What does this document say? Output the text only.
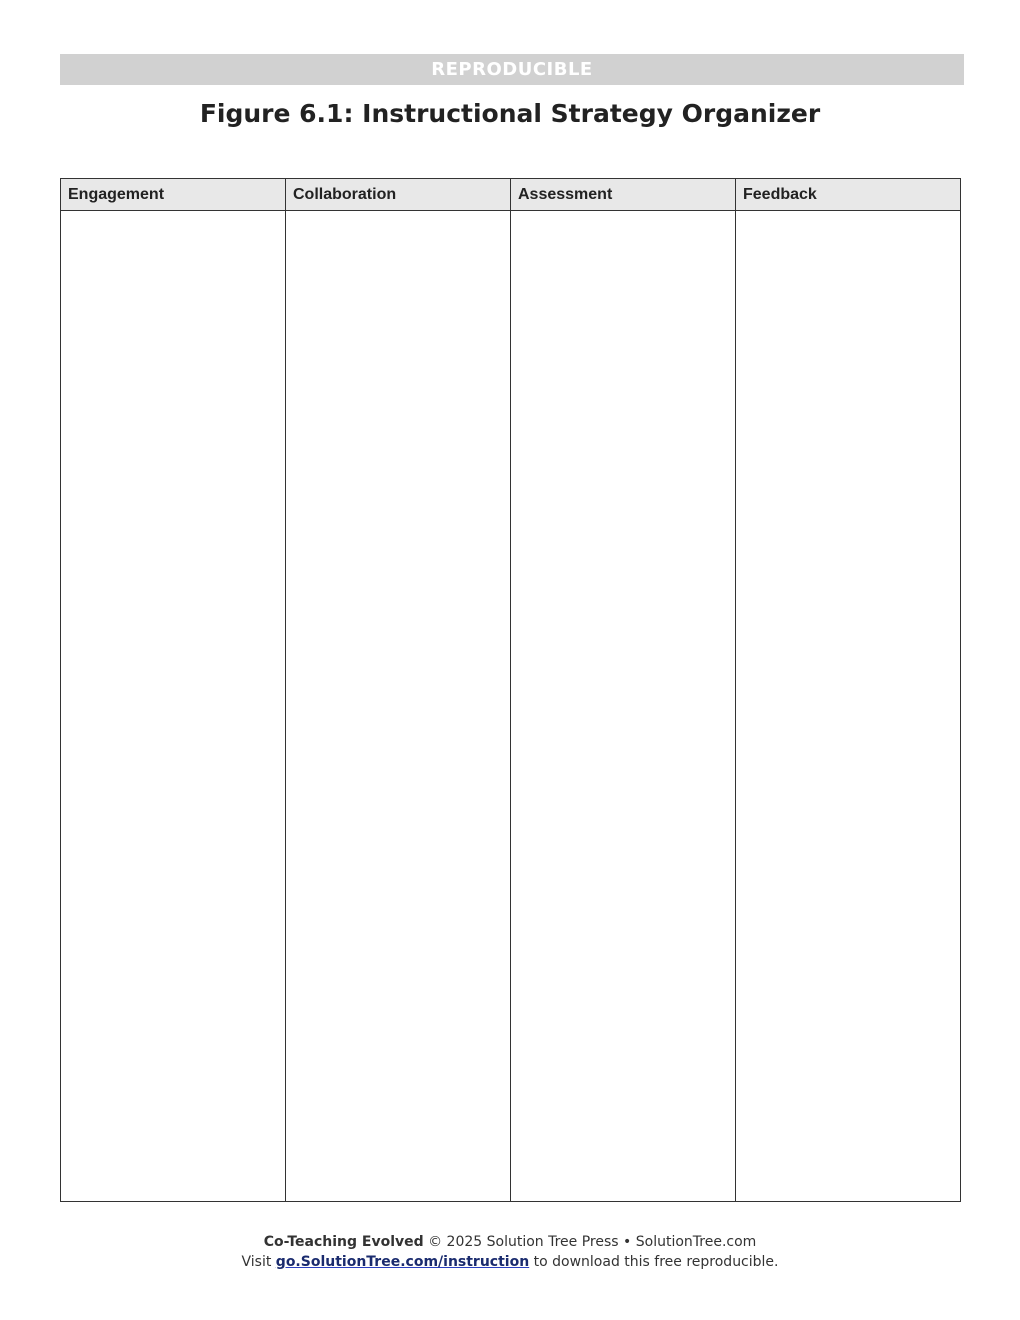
REPRODUCIBLE
Figure 6.1: Instructional Strategy Organizer
Engagement	Collaboration	Assessment	Feedback

Co-Teaching Evolved © 2025 Solution Tree Press • SolutionTree.com
Visit go.SolutionTree.com/instruction to download this free reproducible.
